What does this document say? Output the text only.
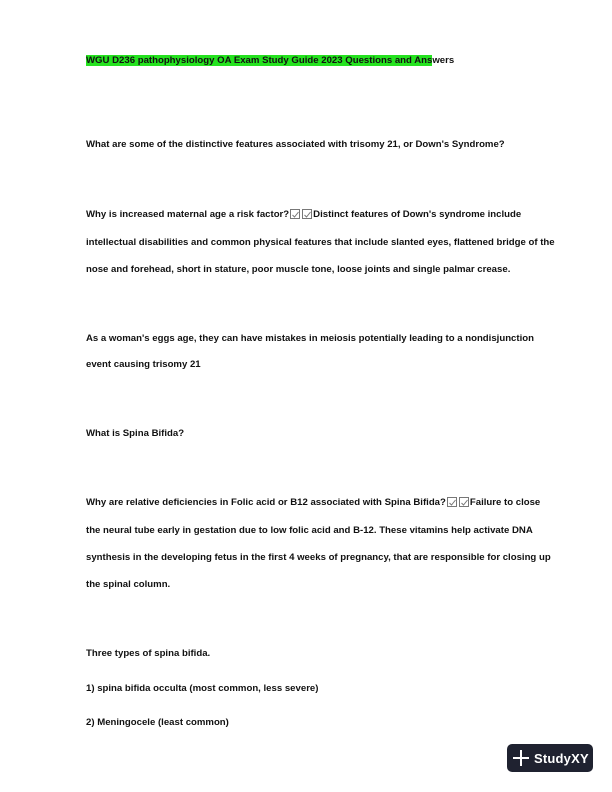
WGU D236 pathophysiology OA Exam Study Guide 2023 Questions and Answers
What are some of the distinctive features associated with trisomy 21, or Down's Syndrome?
Why is increased maternal age a risk factor?	Distinct features of Down's syndrome include
intellectual disabilities and common physical features that include slanted eyes, flattened bridge of the
nose and forehead, short in stature, poor muscle tone, loose joints and single palmar crease.
As a woman's eggs age, they can have mistakes in meiosis potentially leading to a nondisjunction
event causing trisomy 21
What is Spina Bifida?
Why are relative deficiencies in Folic acid or B12 associated with Spina Bifida?	Failure to close
the neural tube early in gestation due to low folic acid and B-12. These vitamins help activate DNA
synthesis in the developing fetus in the first 4 weeks of pregnancy, that are responsible for closing up
the spinal column.
Three types of spina bifida.
1) spina bifida occulta (most common, less severe)
2) Meningocele (least common)
StudyXY
